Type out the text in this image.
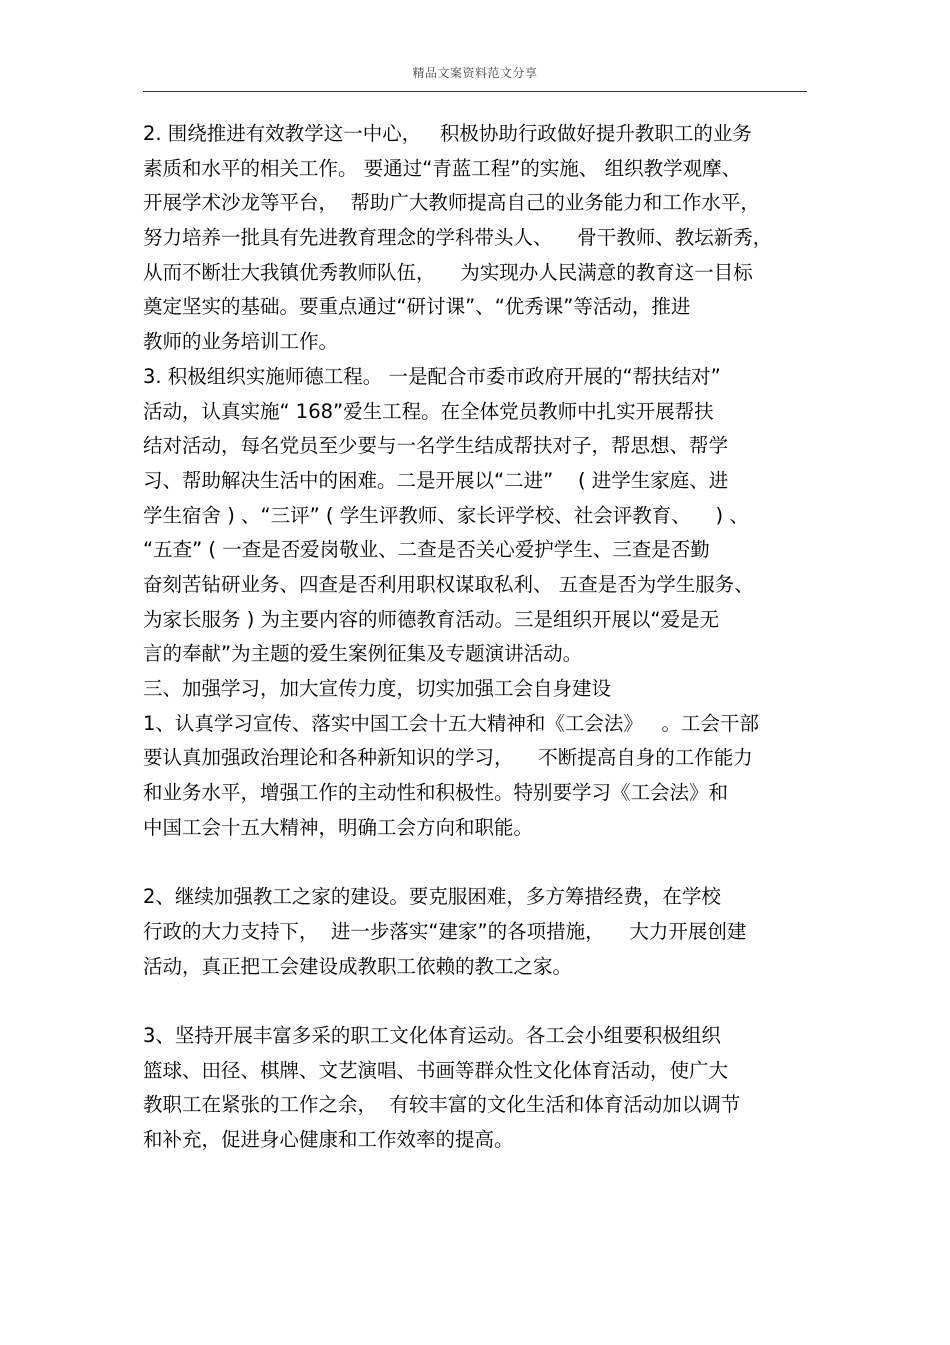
精品文案资料范文分享
2. 围绕推进有效教学这一中心，   积极协助行政做好提升教职工的业务
素质和水平的相关工作。 要通过“青蓝工程”的实施、 组织教学观摩、
开展学术沙龙等平台，  帮助广大教师提高自己的业务能力和工作水平，
努力培养一批具有先进教育理念的学科带头人、    骨干教师、教坛新秀，
从而不断壮大我镇优秀教师队伍，    为实现办人民满意的教育这一目标
奠定坚实的基础。要重点通过“研讨课”、“优秀课”等活动，推进
教师的业务培训工作。
3. 积极组织实施师德工程。 一是配合市委市政府开展的“帮扶结对”
活动，认真实施“ 168”爱生工程。在全体党员教师中扎实开展帮扶
结对活动，每名党员至少要与一名学生结成帮扶对子，帮思想、帮学
习、帮助解决生活中的困难。二是开展以“二进”    ( 进学生家庭、进
学生宿舍 ) 、“三评” ( 学生评教师、家长评学校、社会评教育、    ) 、
“五查” ( 一查是否爱岗敬业、二查是否关心爱护学生、三查是否勤
奋刻苦钻研业务、四查是否利用职权谋取私利、 五查是否为学生服务、
为家长服务 ) 为主要内容的师德教育活动。三是组织开展以“爱是无
言的奉献”为主题的爱生案例征集及专题演讲活动。
三、加强学习，加大宣传力度，切实加强工会自身建设
1、认真学习宣传、落实中国工会十五大精神和《工会法》   。工会干部
要认真加强政治理论和各种新知识的学习，    不断提高自身的工作能力
和业务水平，增强工作的主动性和积极性。特别要学习《工会法》和
中国工会十五大精神，明确工会方向和职能。
2、继续加强教工之家的建设。要克服困难，多方筹措经费，在学校
行政的大力支持下，  进一步落实“建家”的各项措施，    大力开展创建
活动，真正把工会建设成教职工依赖的教工之家。
3、坚持开展丰富多采的职工文化体育运动。各工会小组要积极组织
篮球、田径、棋牌、文艺演唱、书画等群众性文化体育活动，使广大
教职工在紧张的工作之余，  有较丰富的文化生活和体育活动加以调节
和补充，促进身心健康和工作效率的提高。
